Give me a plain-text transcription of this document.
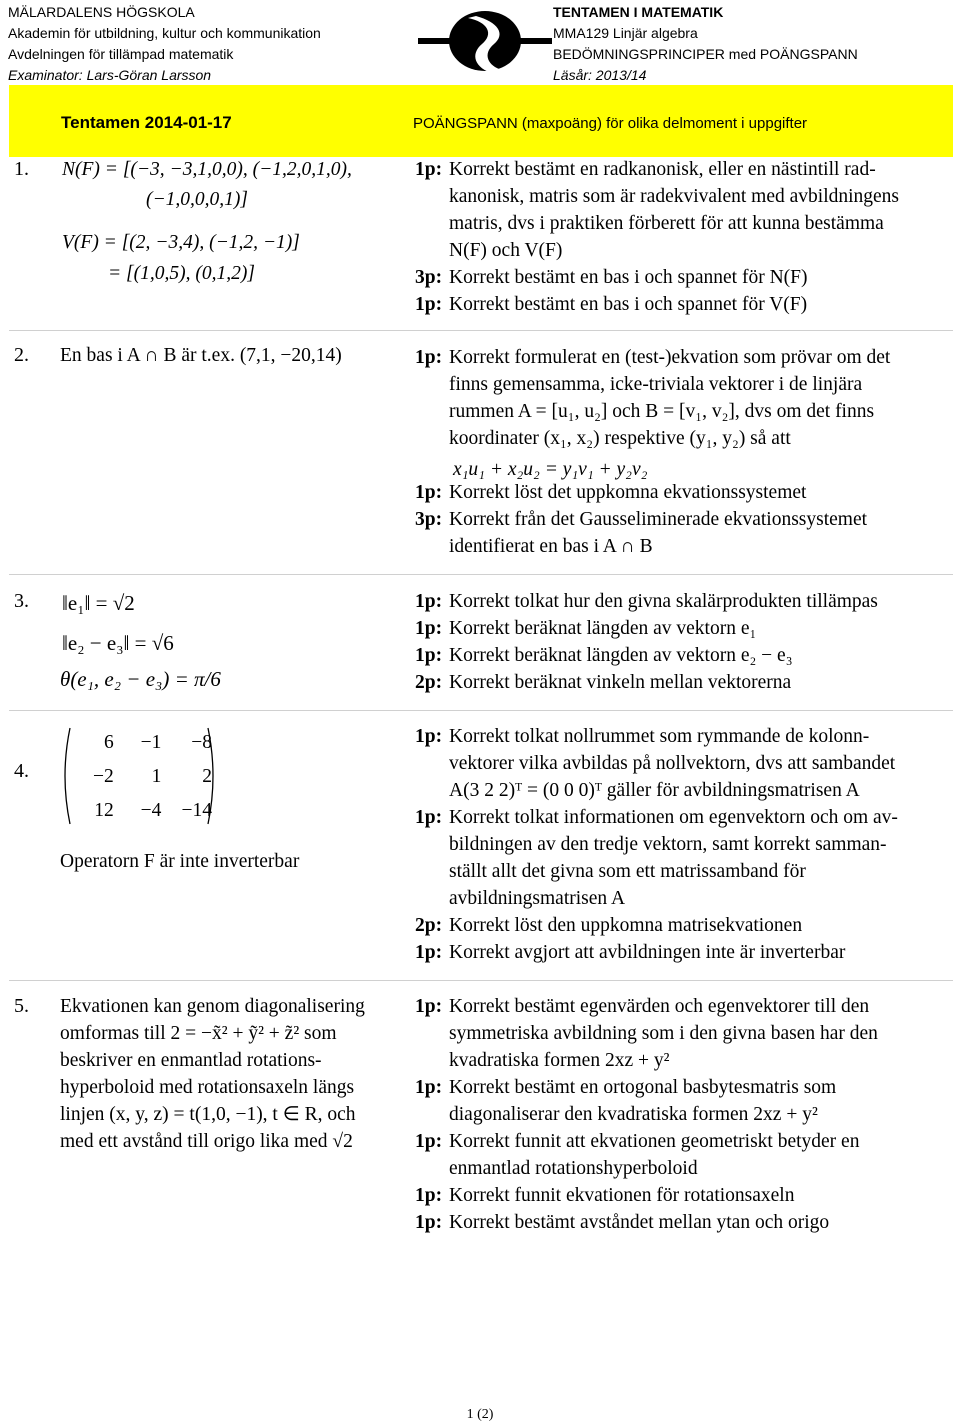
MÄLARDALENS HÖGSKOLA
Akademin för utbildning, kultur och kommunikation
Avdelningen för tillämpad matematik
Examinator: Lars-Göran Larsson
TENTAMEN I MATEMATIK
MMA129 Linjär algebra
BEDÖMNINGSPRINCIPER med POÄNGSPANN
Läsår: 2013/14
Tentamen 2014-01-17	POÄNGSPANN (maxpoäng) för olika delmoment i uppgifter
1. N(F) = [(−3, −3,1,0,0), (−1,2,0,1,0),
(−1,0,0,0,1)]
V(F) = [(2, −3,4), (−1,2, −1)]
= [(1,0,5), (0,1,2)]
1p: Korrekt bestämt en radkanonisk, eller en nästintill rad-
kanonisk, matris som är radekvivalent med avbildningens
matris, dvs i praktiken förberett för att kunna bestämma
N(F) och V(F)
3p: Korrekt bestämt en bas i och spannet för N(F)
1p: Korrekt bestämt en bas i och spannet för V(F)
2. En bas i A ∩ B är t.ex. (7,1, −20,14)	1p: Korrekt formulerat en (test-)ekvation som prövar om det
finns gemensamma, icke-triviala vektorer i de linjära
rummen A = [u₁, u₂] och B = [v₁, v₂], dvs om det finns
koordinater (x₁, x₂) respektive (y₁, y₂) så att
x₁u₁ + x₂u₂ = y₁v₁ + y₂v₂
1p: Korrekt löst det uppkomna ekvationssystemet
3p: Korrekt från det Gausseliminerade ekvationssystemet
identifierat en bas i A ∩ B
3. ‖e₁‖ = √2
‖e₂ − e₃‖ = √6
θ(e₁, e₂ − e₃) = π/6
1p: Korrekt tolkat hur den givna skalärprodukten tillämpas
1p: Korrekt beräknat längden av vektorn e₁
1p: Korrekt beräknat längden av vektorn e₂ − e₃
2p: Korrekt beräknat vinkeln mellan vektorerna
4.
6	−1	−8
−2	1	2
12	−4	−14
Operatorn F är inte inverterbar
1p: Korrekt tolkat nollrummet som rymmande de kolonn-
vektorer vilka avbildas på nollvektorn, dvs att sambandet
A(3 2 2)ᵀ = (0 0 0)ᵀ gäller för avbildningsmatrisen A
1p: Korrekt tolkat informationen om egenvektorn och om av-
bildningen av den tredje vektorn, samt korrekt samman-
ställt allt det givna som ett matrissamband för
avbildningsmatrisen A
2p: Korrekt löst den uppkomna matrisekvationen
1p: Korrekt avgjort att avbildningen inte är inverterbar
5. Ekvationen kan genom diagonalisering
omformas till 2 = −x̃² + ỹ² + z̃² som
beskriver en enmantlad rotations-
hyperboloid med rotationsaxeln längs
linjen (x, y, z) = t(1,0, −1), t ∈ R, och
med ett avstånd till origo lika med √2
1p: Korrekt bestämt egenvärden och egenvektorer till den
symmetriska avbildning som i den givna basen har den
kvadratiska formen 2xz + y²
1p: Korrekt bestämt en ortogonal basbytesmatris som
diagonaliserar den kvadratiska formen 2xz + y²
1p: Korrekt funnit att ekvationen geometriskt betyder en
enmantlad rotationshyperboloid
1p: Korrekt funnit ekvationen för rotationsaxeln
1p: Korrekt bestämt avståndet mellan ytan och origo
1 (2)
